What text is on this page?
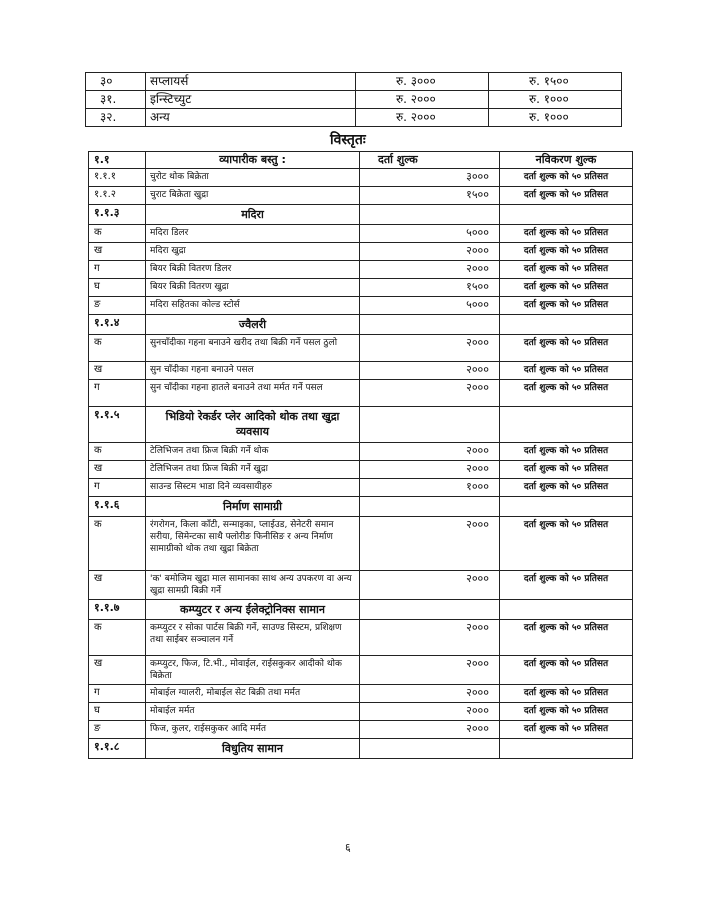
३०	सप्लायर्स	रु. ३०००	रु. १५००
३१.	इन्स्टिच्युट	रु. २०००	रु. १०००
३२.	अन्य	रु. २०००	रु. १०००
विस्तृतः
१.१	व्यापारीक बस्तु :	दर्ता शुल्क	नविकरण शुल्क
१.१.१	चुरोट थोक बिक्रेता	३०००	दर्ता शुल्क को ५० प्रतिसत
१.१.२	चुराट बिक्रेता खुद्रा	१५००	दर्ता शुल्क को ५० प्रतिसत
१.१.३	मदिरा		
क	मदिरा डिलर	५०००	दर्ता शुल्क को ५० प्रतिसत
ख	मदिरा खुद्रा	२०००	दर्ता शुल्क को ५० प्रतिसत
ग	बियर बिक्री वितरण डिलर	२०००	दर्ता शुल्क को ५० प्रतिसत
घ	बियर बिक्री वितरण खुद्रा	१५००	दर्ता शुल्क को ५० प्रतिसत
ङ	मदिरा सहितका कोल्ड स्टोर्स	५०००	दर्ता शुल्क को ५० प्रतिसत
१.१.४	ज्वैलरी		
क	सुनचाँदीका गहना बनाउने खरीद तथा बिक्री गर्ने पसल ठुलो	२०००	दर्ता शुल्क को ५० प्रतिसत
ख	सुन चाँदीका गहना बनाउने पसल	२०००	दर्ता शुल्क को ५० प्रतिसत
ग	सुन चाँदीका गहना हातले बनाउने तथा मर्मत गर्ने पसल	२०००	दर्ता शुल्क को ५० प्रतिसत
१.१.५	भिडियो रेकर्डर प्लेर आदिको थोक तथा खुद्रा व्यवसाय		
क	टेलिभिजन तथा फ्रिज बिक्री गर्ने थोक	२०००	दर्ता शुल्क को ५० प्रतिसत
ख	टेलिभिजन तथा फ्रिज बिक्री गर्ने खुद्रा	२०००	दर्ता शुल्क को ५० प्रतिसत
ग	साउन्ड सिस्टम भाडा दिने व्यवसायीहरु	१०००	दर्ता शुल्क को ५० प्रतिसत
१.१.६	निर्माण सामाग्री		
क	रंगरोगन, किला काँटी, सन्माइका, प्लाईउड, सेनेटरी समान सरीया, सिमेन्टका साथै फ्लोरीङ फिनीसिङ र अन्य निर्माण सामाग्रीको थोक तथा खुद्रा बिक्रेता	२०००	दर्ता शुल्क को ५० प्रतिसत
ख	'क' बमोजिम खुद्रा माल सामानका साथ अन्य उपकरण वा अन्य खुद्रा सामग्री बिक्री गर्ने	२०००	दर्ता शुल्क को ५० प्रतिसत
१.१.७	कम्प्युटर र अन्य ईलेक्ट्रोनिक्स सामान		
क	कम्प्युटर र सोका पार्टस बिक्री गर्ने, साउण्ड सिस्टम, प्रशिक्षण तथा साईबर सञ्चालन गर्ने	२०००	दर्ता शुल्क को ५० प्रतिसत
ख	कम्प्युटर, फिज, टि.भी., मोवाईल, राईसकुकर आदीको थोक बिक्रेता	२०००	दर्ता शुल्क को ५० प्रतिसत
ग	मोबाईल ग्यालरी, मोबाईल सेट बिक्री तथा मर्मत	२०००	दर्ता शुल्क को ५० प्रतिसत
घ	मोबाईल मर्मत	२०००	दर्ता शुल्क को ५० प्रतिसत
ङ	फिज, कुलर, राईसकुकर आदि मर्मत	२०००	दर्ता शुल्क को ५० प्रतिसत
१.१.८	विधुतिय सामान		
६
